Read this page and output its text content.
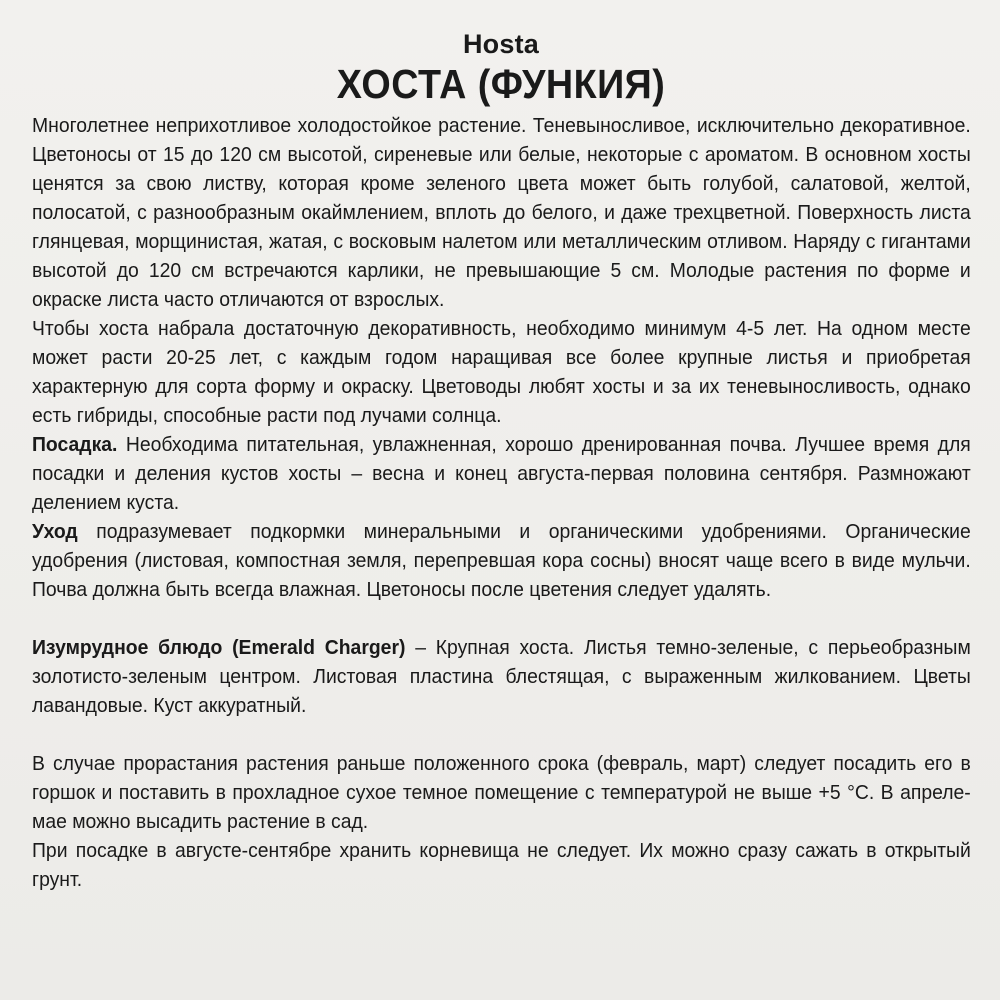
Hosta
ХОСТА (ФУНКИЯ)

Многолетнее неприхотливое холодостойкое растение. Теневыносливое, исключительно декоративное. Цветоносы от 15 до 120 см высотой, сиреневые или белые, некоторые с ароматом. В основном хосты ценятся за свою листву, которая кроме зеленого цвета может быть голубой, салатовой, желтой, полосатой, с разнообразным окаймлением, вплоть до белого, и даже трехцветной. Поверхность листа глянцевая, морщинистая, жатая, с восковым налетом или металлическим отливом. Наряду с гигантами высотой до 120 см встречаются карлики, не превышающие 5 см. Молодые растения по форме и окраске листа часто отличаются от взрослых.

Чтобы хоста набрала достаточную декоративность, необходимо минимум 4-5 лет. На одном месте может расти 20-25 лет, с каждым годом наращивая все более крупные листья и приобретая характерную для сорта форму и окраску. Цветоводы любят хосты и за их теневыносливость, однако есть гибриды, способные расти под лучами солнца.

Посадка. Необходима питательная, увлажненная, хорошо дренированная почва. Лучшее время для посадки и деления кустов хосты – весна и конец августа-первая половина сентября. Размножают делением куста.

Уход подразумевает подкормки минеральными и органическими удобрениями. Органические удобрения (листовая, компостная земля, перепревшая кора сосны) вносят чаще всего в виде мульчи. Почва должна быть всегда влажная. Цветоносы после цветения следует удалять.

Изумрудное блюдо (Emerald Charger) – Крупная хоста. Листья темно-зеленые, с перьеобразным золотисто-зеленым центром. Листовая пластина блестящая, с выраженным жилкованием. Цветы лавандовые. Куст аккуратный.

В случае прорастания растения раньше положенного срока (февраль, март) следует посадить его в горшок и поставить в прохладное сухое темное помещение с температурой не выше +5 °С. В апреле-мае можно высадить растение в сад.

При посадке в августе-сентябре хранить корневища не следует. Их можно сразу сажать в открытый грунт.
